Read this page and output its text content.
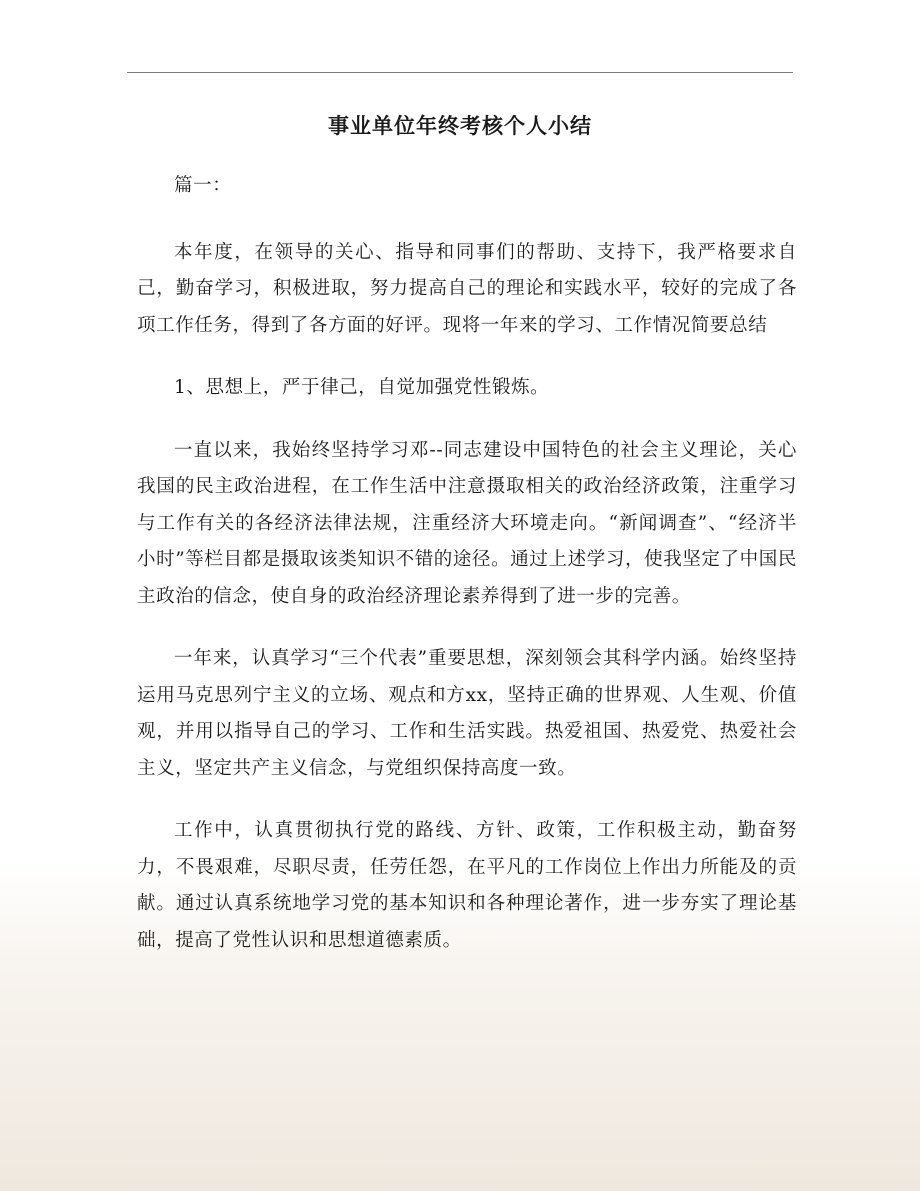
事业单位年终考核个人小结

篇一：

本年度，在领导的关心、指导和同事们的帮助、支持下，我严格要求自己，勤奋学习，积极进取，努力提高自己的理论和实践水平，较好的完成了各项工作任务，得到了各方面的好评。现将一年来的学习、工作情况简要总结

1、思想上，严于律己，自觉加强党性锻炼。

一直以来，我始终坚持学习邓--同志建设中国特色的社会主义理论，关心我国的民主政治进程，在工作生活中注意摄取相关的政治经济政策，注重学习与工作有关的各经济法律法规，注重经济大环境走向。“新闻调查”、“经济半小时”等栏目都是摄取该类知识不错的途径。通过上述学习，使我坚定了中国民主政治的信念，使自身的政治经济理论素养得到了进一步的完善。

一年来，认真学习“三个代表”重要思想，深刻领会其科学内涵。始终坚持运用马克思列宁主义的立场、观点和方xx，坚持正确的世界观、人生观、价值观，并用以指导自己的学习、工作和生活实践。热爱祖国、热爱党、热爱社会主义，坚定共产主义信念，与党组织保持高度一致。

工作中，认真贯彻执行党的路线、方针、政策，工作积极主动，勤奋努力，不畏艰难，尽职尽责，任劳任怨，在平凡的工作岗位上作出力所能及的贡献。通过认真系统地学习党的基本知识和各种理论著作，进一步夯实了理论基础，提高了党性认识和思想道德素质。
